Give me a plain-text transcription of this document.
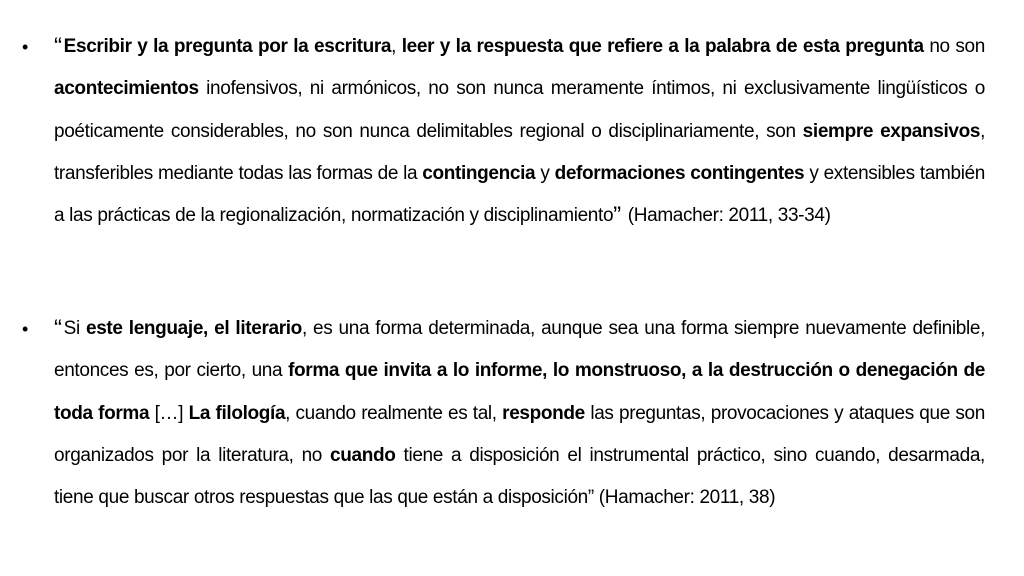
• “ Escribir y la pregunta por la escritura, leer y la respuesta que refiere a la palabra de esta pregunta no son acontecimientos inofensivos, ni armónicos, no son nunca meramente íntimos, ni exclusivamente lingüísticos o poéticamente considerables, no son nunca delimitables regional o disciplinariamente, son siempre expansivos, transferibles mediante todas las formas de la contingencia y deformaciones contingentes y extensibles también a las prácticas de la regionalización, normatización y disciplinamiento” (Hamacher: 2011, 33-34)

• “ Si este lenguaje, el literario, es una forma determinada, aunque sea una forma siempre nuevamente definible, entonces es, por cierto, una forma que invita a lo informe, lo monstruoso, a la destrucción o denegación de toda forma […] La filología, cuando realmente es tal, responde las preguntas, provocaciones y ataques que son organizados por la literatura, no cuando tiene a disposición el instrumental práctico, sino cuando, desarmada, tiene que buscar otros respuestas que las que están a disposición” (Hamacher: 2011, 38)
